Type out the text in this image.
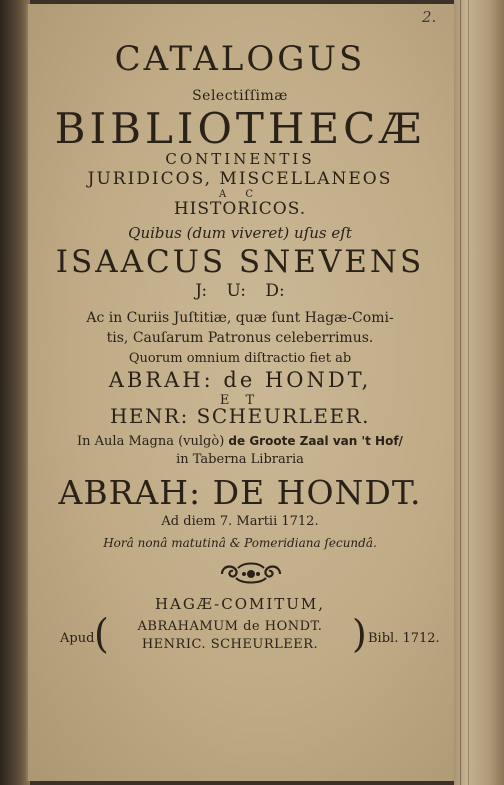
2.
CATALOGUS
Selectiſſimæ
BIBLIOTHECÆ
CONTINENTIS
JURIDICOS, MISCELLANEOS
A C
HISTORICOS.
Quibus (dum viveret) uſus eſt
ISAACUS SNEVENS
J: U: D:
Ac in Curiis Juſtitiæ, quæ ſunt Hagæ-Comi-
tis, Cauſarum Patronus celeberrimus.
Quorum omnium diſtractio fiet ab
ABRAH: de HONDT,
E T
HENR: SCHEURLEER.
In Aula Magna (vulgò) de Groote Zaal van 't Hof/
in Taberna Libraria
ABRAH: DE HONDT.
Ad diem 7. Martii 1712.
Horâ nonâ matutinâ & Pomeridiana ſecundâ.
HAGÆ-COMITUM,
Apud (	ABRAHAMUM de HONDT.
HENRIC. SCHEURLEER. ) Bibl. 1712.
